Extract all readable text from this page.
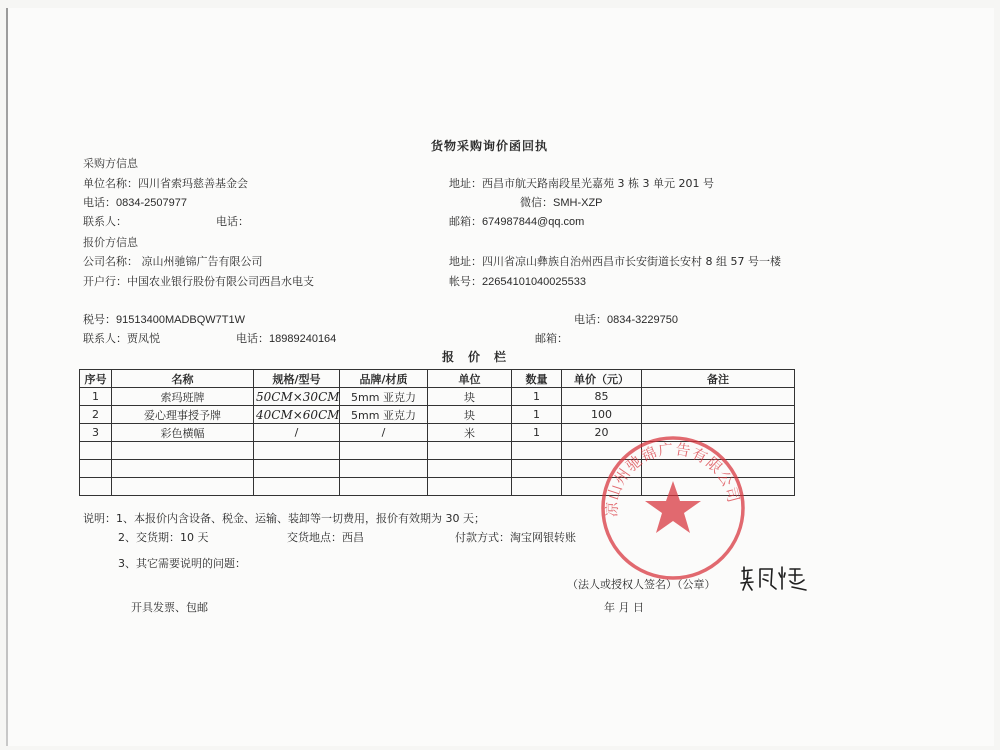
货物采购询价函回执
采购方信息
单位名称：四川省索玛慈善基金会	地址：西昌市航天路南段星光嘉苑 3 栋 3 单元 201 号
电话：0834-2507977	微信：SMH-XZP
联系人：	电话：	邮箱：674987844@qq.com
报价方信息
公司名称： 凉山州驰锦广告有限公司	地址：四川省凉山彝族自治州西昌市长安街道长安村 8 组 57 号一楼
开户行：中国农业银行股份有限公司西昌水电支	帐号：22654101040025533
税号：91513400MADBQW7T1W	电话：0834-3229750
联系人：贾凤悦	电话：18989240164	邮箱：
报价栏
序号	名称	规格/型号	品牌/材质	单位	数量	单价（元）	备注
1	索玛班牌	50CM×30CM	5mm 亚克力	块	1	85	
2	爱心理事授予牌	40CM×60CM	5mm 亚克力	块	1	100	
3	彩色横幅	/	/	米	1	20	

说明：1、本报价内含设备、税金、运输、装卸等一切费用，报价有效期为 30 天；
2、交货期：10 天	交货地点：西昌	付款方式：淘宝网银转账
3、其它需要说明的问题：
开具发票、包邮
（法人或授权人签名）（公章）
年 月 日
凉山州驰锦广告有限公司
